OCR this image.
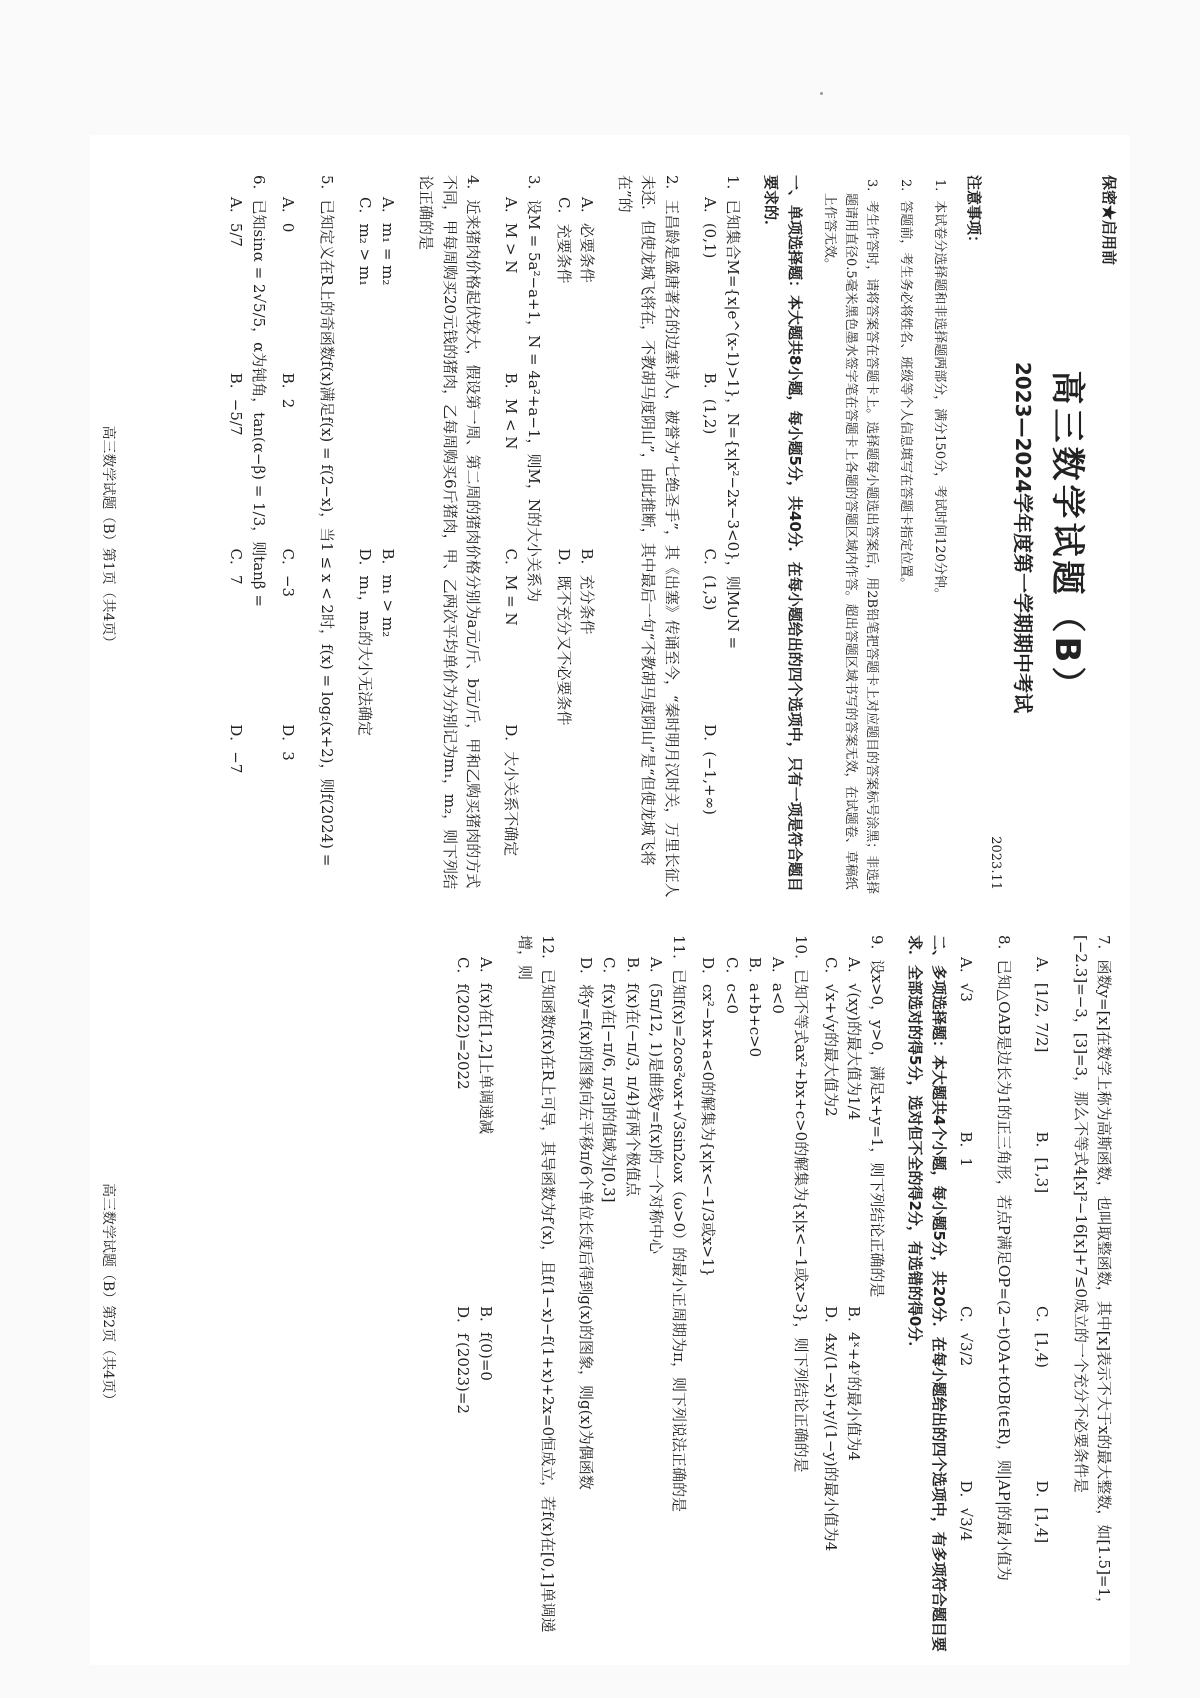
保密★启用前

高三数学试题（B）

2023—2024学年度第一学期期中考试

2023.11

注意事项：

1．本试卷分选择题和非选择题两部分，满分150分，考试时间120分钟。

2．答题前，考生务必将姓名、班级等个人信息填写在答题卡指定位置。

3．考生作答时，请将答案答在答题卡上。选择题每小题选出答案后，用2B铅笔把答题卡上对应题目的答案标号涂黑；非选择题请用直径0.5毫米黑色墨水签字笔在答题卡上各题的答题区域内作答。超出答题区域书写的答案无效，在试题卷、草稿纸上作答无效。

一、单项选择题：本大题共8小题，每小题5分，共40分．在每小题给出的四个选项中，只有一项是符合题目要求的．

1．已知集合M={x|e^(x-1)>1}，N={x|x²−2x−3<0}，则M∪N =

A．(0,1)
B．(1,2)
C．(1,3)
D．(−1,+∞)

2．王昌龄是盛唐著名的边塞诗人，被誉为“七绝圣手”，其《出塞》传诵至今，“秦时明月汉时关，万里长征人未还．但使龙城飞将在，不教胡马度阴山”，由此推断，其中最后一句“不教胡马度阴山”是“但使龙城飞将在”的

A．必要条件
B．充分条件
C．充要条件
D．既不充分又不必要条件

3．设M = 5a²−a+1，N = 4a²+a−1，则M，N的大小关系为

A．M > N
B．M < N
C．M = N
D．大小关系不确定

4．近来猪肉价格起伏较大，假设第一周、第二周的猪肉价格分别为a元/斤、b元/斤，甲和乙购买猪肉的方式不同，甲每周购买20元钱的猪肉，乙每周购买6斤猪肉，甲、乙两次平均单价为分别记为m₁，m₂，则下列结论正确的是

A．m₁ = m₂
B．m₁ > m₂
C．m₂ > m₁
D．m₁，m₂的大小无法确定

5．已知定义在R上的奇函数f(x)满足f(x) = f(2−x)，当1 ≤ x < 2时，f(x) = log₂(x+2)，则f(2024) =

A．0
B．2
C．−3
D．3

6．已知sinα = 2√5/5，α为钝角，tan(α−β) = 1/3，则tanβ =

A．5/7
B．−5/7
C．7
D．−7
高三数学试题（B）第1页（共4页）

7．函数y=[x]在数学上称为高斯函数，也叫取整函数，其中[x]表示不大于x的最大整数，如[1.5]=1，[−2.3]=−3，[3]=3，那么不等式4[x]²−16[x]+7≤0成立的一个充分不必要条件是

A．[1/2, 7/2]
B．[1,3]
C．[1,4)
D．[1,4]

8．已知△OAB是边长为1的正三角形，若点P满足OP=(2−t)OA+tOB(t∈R)，则|AP|的最小值为

A．√3
B．1
C．√3/2
D．√3/4

二、多项选择题：本大题共4个小题，每小题5分，共20分．在每小题给出的四个选项中，有多项符合题目要求．全部选对的得5分，选对但不全的得2分，有选错的得0分．

9．设x>0，y>0，满足x+y=1，则下列结论正确的是

A．√(xy)的最大值为1/4
B．4ˣ+4ʸ的最小值为4
C．√x+√y的最大值为2
D．4x/(1−x)+y/(1−y)的最小值为4

10．已知不等式ax²+bx+c>0的解集为{x|x<−1或x>3}，则下列结论正确的是

A．a<0

B．a+b+c>0

C．c<0

D．cx²−bx+a<0的解集为{x|x<−1/3或x>1}

11．已知f(x)=2cos²ωx+√3sin2ωx（ω>0）的最小正周期为π，则下列说法正确的是

A．(5π/12, 1)是曲线y=f(x)的一个对称中心

B．f(x)在(−π/3, π/4)有两个极值点

C．f(x)在[−π/6, π/3]的值域为[0,3]

D．将y=f(x)的图象向左平移π/6个单位长度后得到g(x)的图象，则g(x)为偶函数

12．已知函数f(x)在R上可导，其导函数为f′(x)，且f(1−x)−f(1+x)+2x=0恒成立，若f(x)在[0,1]单调递增，则

A．f(x)在[1,2]上单调递减
B．f(0)=0
C．f(2022)=2022
D．f′(2023)=2
高三数学试题（B）第2页（共4页）
